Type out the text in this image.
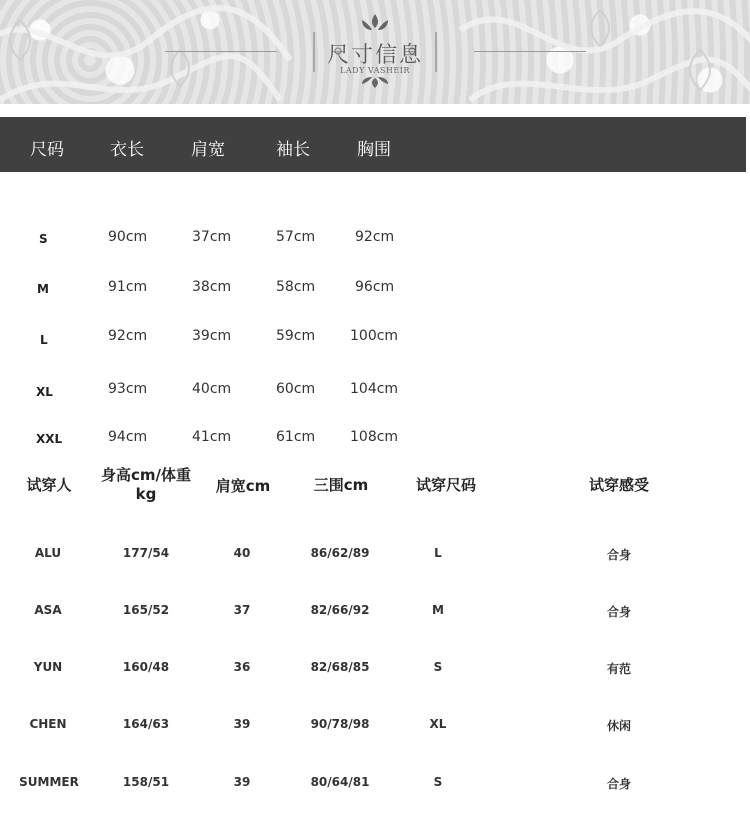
尺寸信息
LADY VASHEIR
尺码	衣长	肩宽	袖长	胸围
S	90cm	37cm	57cm	92cm
M	91cm	38cm	58cm	96cm
L	92cm	39cm	59cm 100cm
XL	93cm	40cm	60cm 104cm
XXL	94cm	41cm	61cm 108cm
试穿人
身高cm/体重kg	肩宽cm	三围cm	试穿尺码	试穿感受
ALU	177/54	40	86/62/89	L	合身
ASA	165/52	37	82/66/92	M	合身
YUN	160/48	36	82/68/85	S	有范
CHEN	164/63	39	90/78/98	XL	休闲
SUMMER	158/51	39	80/64/81	S	合身
